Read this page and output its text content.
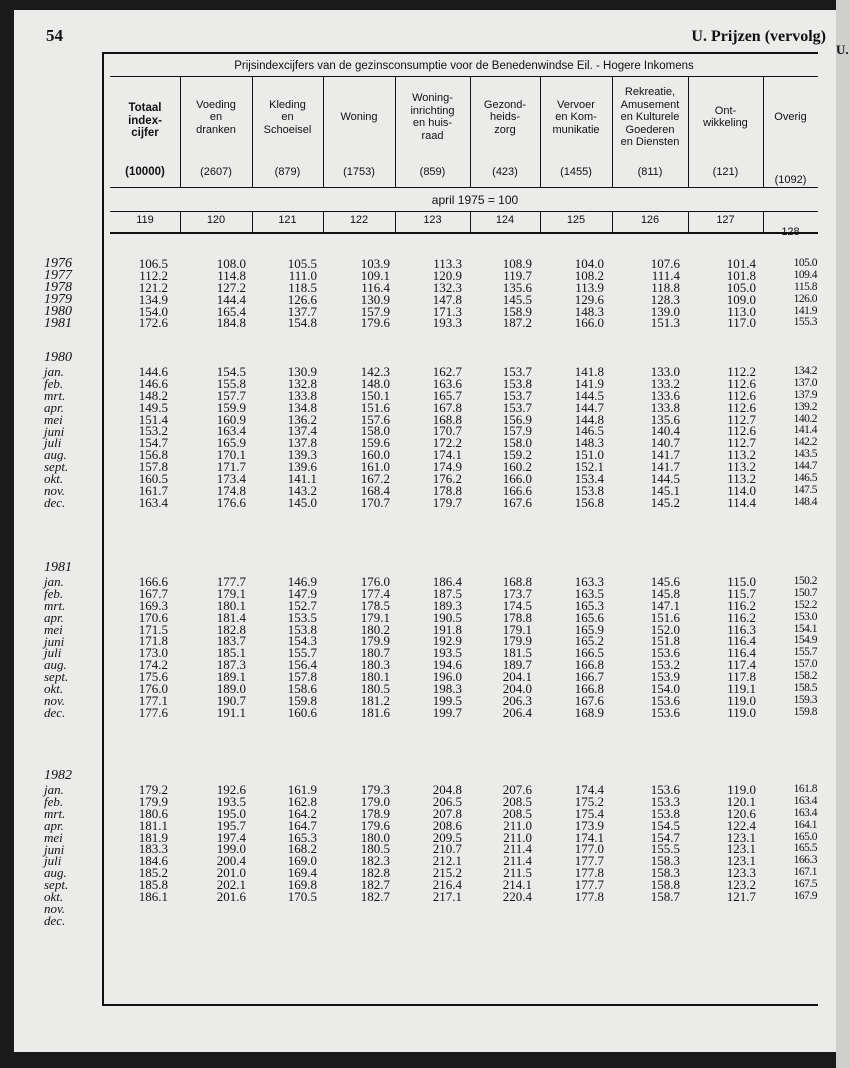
U.
54	U. Prijzen (vervolg)
Prijsindexcijfers van de gezinsconsumptie voor de Benedenwindse Eil. - Hogere Inkomens
april 1975 = 100
Totaal
index-
cijfer
(10000)
119
Voeding
en
dranken
(2607)
120
Kleding
en
Schoeisel
(879)
121
Woning
(1753)
122
Woning-
inrichting
en huis-
raad
(859)
123
Gezond-
heids-
zorg
(423)
124
Vervoer
en Kom-
munikatie
(1455)
125
Rekreatie,
Amusement
en Kulturele
Goederen
en Diensten
(811)
126
Ont-
wikkeling
(121)
127
Overig
(1092)
128
1976
1977
1978
1979
1980
1981
1980
jan.
feb.
mrt.
apr.
mei
juni
juli
aug.
sept.
okt.
nov.
dec.
1981
jan.
feb.
mrt.
apr.
mei
juni
juli
aug.
sept.
okt.
nov.
dec.
1982
jan.
feb.
mrt.
apr.
mei
juni
juli
aug.
sept.
okt.
nov.
dec.
106.5
112.2
121.2
134.9
154.0
172.6
108.0
114.8
127.2
144.4
165.4
184.8
105.5
111.0
118.5
126.6
137.7
154.8
103.9
109.1
116.4
130.9
157.9
179.6
113.3
120.9
132.3
147.8
171.3
193.3
108.9
119.7
135.6
145.5
158.9
187.2
104.0
108.2
113.9
129.6
148.3
166.0
107.6
111.4
118.8
128.3
139.0
151.3
101.4
101.8
105.0
109.0
113.0
117.0
105.0
109.4
115.8
126.0
141.9
155.3
144.6
146.6
148.2
149.5
151.4
153.2
154.7
156.8
157.8
160.5
161.7
163.4
154.5
155.8
157.7
159.9
160.9
163.4
165.9
170.1
171.7
173.4
174.8
176.6
130.9
132.8
133.8
134.8
136.2
137.4
137.8
139.3
139.6
141.1
143.2
145.0
142.3
148.0
150.1
151.6
157.6
158.0
159.6
160.0
161.0
167.2
168.4
170.7
162.7
163.6
165.7
167.8
168.8
170.7
172.2
174.1
174.9
176.2
178.8
179.7
153.7
153.8
153.7
153.7
156.9
157.9
158.0
159.2
160.2
166.0
166.6
167.6
141.8
141.9
144.5
144.7
144.8
146.5
148.3
151.0
152.1
153.4
153.8
156.8
133.0
133.2
133.6
133.8
135.6
140.4
140.7
141.7
141.7
144.5
145.1
145.2
112.2
112.6
112.6
112.6
112.7
112.6
112.7
113.2
113.2
113.2
114.0
114.4
134.2
137.0
137.9
139.2
140.2
141.4
142.2
143.5
144.7
146.5
147.5
148.4
166.6
167.7
169.3
170.6
171.5
171.8
173.0
174.2
175.6
176.0
177.1
177.6
177.7
179.1
180.1
181.4
182.8
183.7
185.1
187.3
189.1
189.0
190.7
191.1
146.9
147.9
152.7
153.5
153.8
154.3
155.7
156.4
157.8
158.6
159.8
160.6
176.0
177.4
178.5
179.1
180.2
179.9
180.7
180.3
180.1
180.5
181.2
181.6
186.4
187.5
189.3
190.5
191.8
192.9
193.5
194.6
196.0
198.3
199.5
199.7
168.8
173.7
174.5
178.8
179.1
179.9
181.5
189.7
204.1
204.0
206.3
206.4
163.3
163.5
165.3
165.6
165.9
165.2
166.5
166.8
166.7
166.8
167.6
168.9
145.6
145.8
147.1
151.6
152.0
151.8
153.6
153.2
153.9
154.0
153.6
153.6
115.0
115.7
116.2
116.2
116.3
116.4
116.4
117.4
117.8
119.1
119.0
119.0
150.2
150.7
152.2
153.0
154.1
154.9
155.7
157.0
158.2
158.5
159.3
159.8
179.2
179.9
180.6
181.1
181.9
183.3
184.6
185.2
185.8
186.1

192.6
193.5
195.0
195.7
197.4
199.0
200.4
201.0
202.1
201.6

161.9
162.8
164.2
164.7
165.3
168.2
169.0
169.4
169.8
170.5

179.3
179.0
178.9
179.6
180.0
180.5
182.3
182.8
182.7
182.7

204.8
206.5
207.8
208.6
209.5
210.7
212.1
215.2
216.4
217.1

207.6
208.5
208.5
211.0
211.0
211.4
211.4
211.5
214.1
220.4

174.4
175.2
175.4
173.9
174.1
177.0
177.7
177.8
177.7
177.8

153.6
153.3
153.8
154.5
154.7
155.5
158.3
158.3
158.8
158.7

119.0
120.1
120.6
122.4
123.1
123.1
123.1
123.3
123.2
121.7

161.8
163.4
163.4
164.1
165.0
165.5
166.3
167.1
167.5
167.9
